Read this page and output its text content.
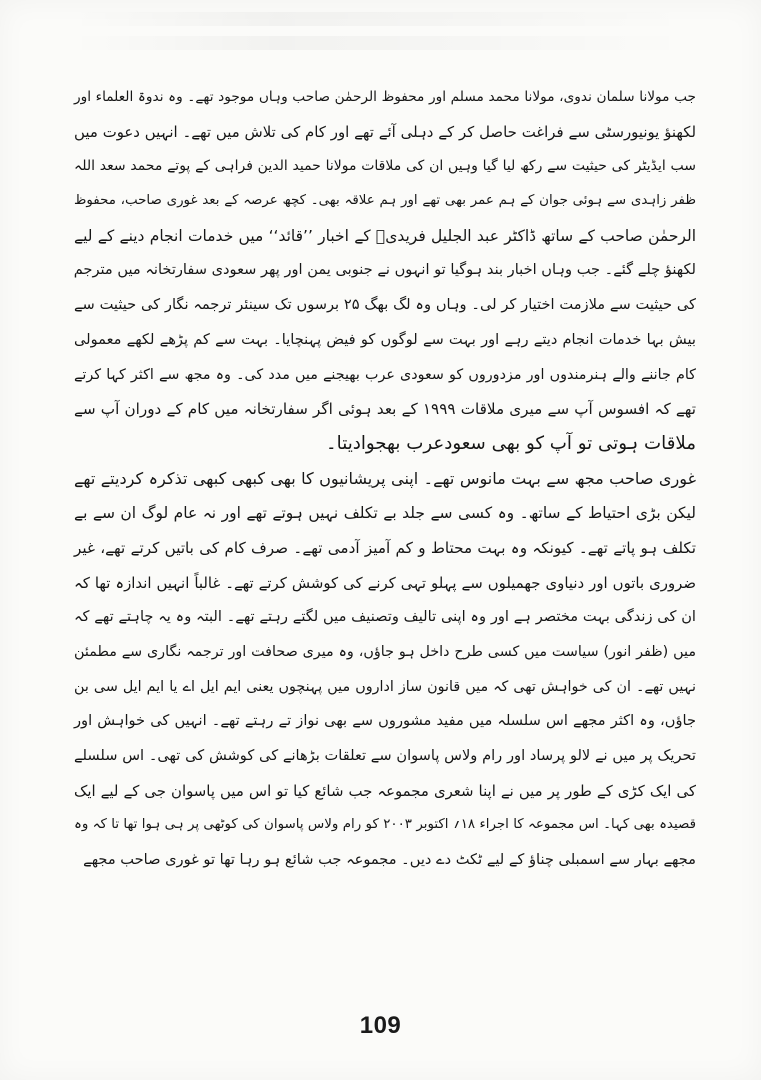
جب مولانا سلمان ندوی، مولانا محمد مسلم اور محفوظ الرحمٰن صاحب وہاں موجود تھے۔ وہ ندوۃ العلماء اور
لکھنؤ یونیورسٹی سے فراغت حاصل کر کے دہلی آئے تھے اور کام کی تلاش میں تھے۔ انہیں دعوت میں
سب ایڈیٹر کی حیثیت سے رکھ لیا گیا وہیں ان کی ملاقات مولانا حمید الدین فراہی کے پوتے محمد سعد اللہ
ظفر زاہدی سے ہوئی جوان کے ہم عمر بھی تھے اور ہم علاقہ بھی۔ کچھ عرصہ کے بعد غوری صاحب، محفوظ
الرحمٰن صاحب کے ساتھ ڈاکٹر عبد الجلیل فریدیؒ کے اخبار ’’قائد‘‘ میں خدمات انجام دینے کے لیے
لکھنؤ چلے گئے۔ جب وہاں اخبار بند ہوگیا تو انہوں نے جنوبی یمن اور پھر سعودی سفارتخانہ میں مترجم
کی حیثیت سے ملازمت اختیار کر لی۔ وہاں وہ لگ بھگ ۲۵ برسوں تک سینئر ترجمہ نگار کی حیثیت سے
بیش بہا خدمات انجام دیتے رہے اور بہت سے لوگوں کو فیض پہنچایا۔ بہت سے کم پڑھے لکھے معمولی
کام جاننے والے ہنرمندوں اور مزدوروں کو سعودی عرب بھیجنے میں مدد کی۔ وہ مجھ سے اکثر کہا کرتے
تھے کہ افسوس آپ سے میری ملاقات ۱۹۹۹ کے بعد ہوئی اگر سفارتخانہ میں کام کے دوران آپ سے
ملاقات ہوتی تو آپ کو بھی سعودعرب بھجوادیتا۔
غوری صاحب مجھ سے بہت مانوس تھے۔ اپنی پریشانیوں کا بھی کبھی کبھی تذکرہ کردیتے تھے
لیکن بڑی احتیاط کے ساتھ۔ وہ کسی سے جلد بے تکلف نہیں ہوتے تھے اور نہ عام لوگ ان سے بے
تکلف ہو پاتے تھے۔ کیونکہ وہ بہت محتاط و کم آمیز آدمی تھے۔ صرف کام کی باتیں کرتے تھے، غیر
ضروری باتوں اور دنیاوی جھمیلوں سے پہلو تہی کرنے کی کوشش کرتے تھے۔ غالباً انہیں اندازہ تھا کہ
ان کی زندگی بہت مختصر ہے اور وہ اپنی تالیف وتصنیف میں لگتے رہتے تھے۔ البتہ وہ یہ چاہتے تھے کہ
میں (ظفر انور) سیاست میں کسی طرح داخل ہو جاؤں، وہ میری صحافت اور ترجمہ نگاری سے مطمئن
نہیں تھے۔ ان کی خواہش تھی کہ میں قانون ساز اداروں میں پہنچوں یعنی ایم ایل اے یا ایم ایل سی بن
جاؤں، وہ اکثر مجھے اس سلسلہ میں مفید مشوروں سے بھی نواز تے رہتے تھے۔ انہیں کی خواہش اور
تحریک پر میں نے لالو پرساد اور رام ولاس پاسوان سے تعلقات بڑھانے کی کوشش کی تھی۔ اس سلسلے
کی ایک کڑی کے طور پر میں نے اپنا شعری مجموعہ جب شائع کیا تو اس میں پاسوان جی کے لیے ایک
قصیدہ بھی کہا۔ اس مجموعہ کا اجراء ۱۸؍ اکتوبر ۲۰۰۳ کو رام ولاس پاسوان کی کوٹھی پر ہی ہوا تھا تا کہ وہ
مجھے بہار سے اسمبلی چناؤ کے لیے ٹکٹ دے دیں۔ مجموعہ جب شائع ہو رہا تھا تو غوری صاحب مجھے
109
